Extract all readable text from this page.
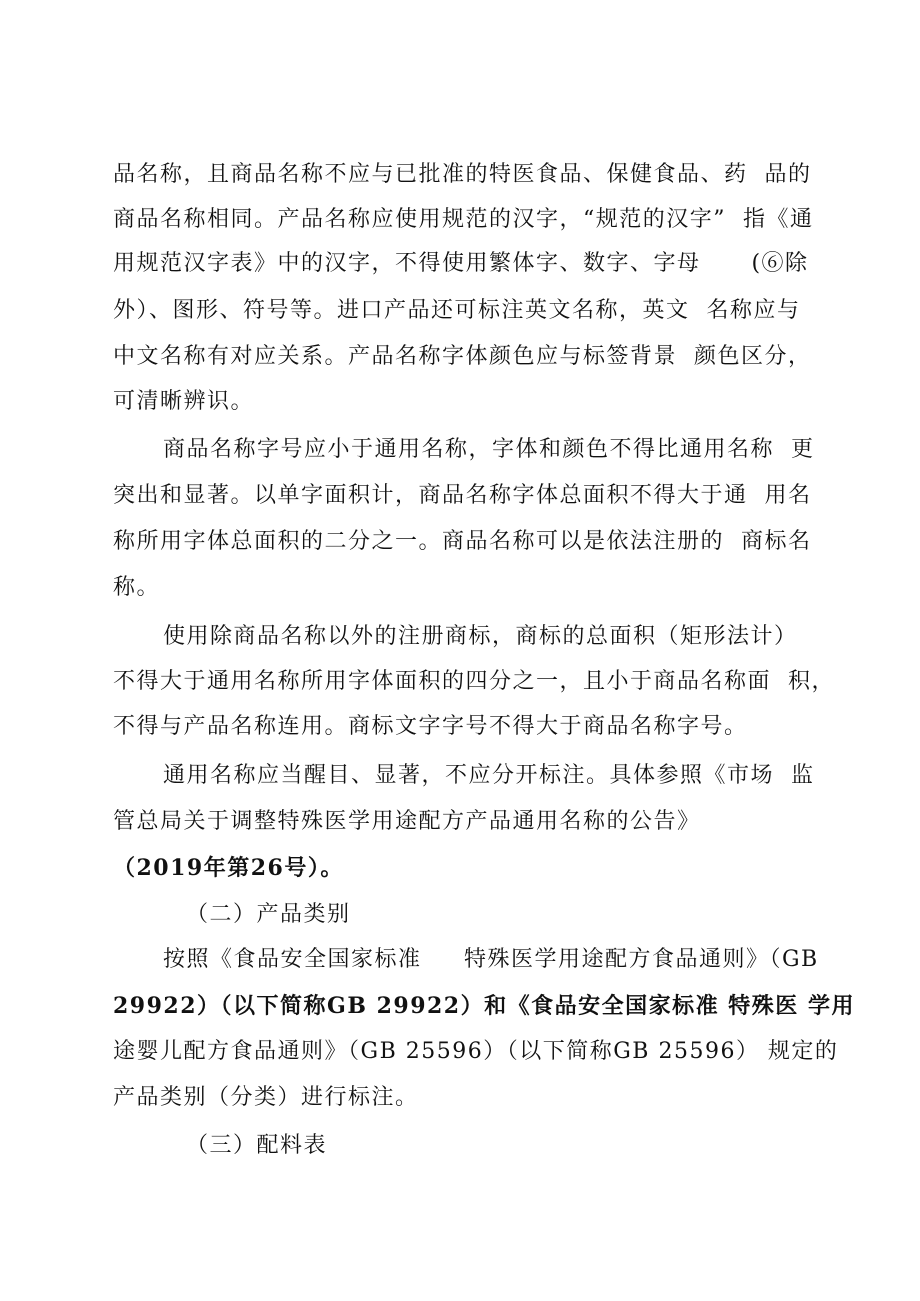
品名称，且商品名称不应与已批准的特医食品、保健食品、药  品的
商品名称相同。产品名称应使用规范的汉字，“规范的汉字”  指《通
用规范汉字表》中的汉字，不得使用繁体字、数字、字母      (⑥除
外）、图形、符号等。进口产品还可标注英文名称，英文  名称应与
中文名称有对应关系。产品名称字体颜色应与标签背景  颜色区分，
可清晰辨识。
商品名称字号应小于通用名称，字体和颜色不得比通用名称  更
突出和显著。以单字面积计，商品名称字体总面积不得大于通  用名
称所用字体总面积的二分之一。商品名称可以是依法注册的  商标名
称。
使用除商品名称以外的注册商标，商标的总面积（矩形法计）
不得大于通用名称所用字体面积的四分之一，且小于商品名称面  积，
不得与产品名称连用。商标文字字号不得大于商品名称字号。
通用名称应当醒目、显著，不应分开标注。具体参照《市场  监
管总局关于调整特殊医学用途配方产品通用名称的公告》
（2019年第26号）。
（二）产品类别
按照《食品安全国家标准     特殊医学用途配方食品通则》（GB
29922）（以下简称GB 29922）和《食品安全国家标准 特殊医 学用
途婴儿配方食品通则》（GB 25596）（以下简称GB 25596） 规定的
产品类别（分类）进行标注。
（三）配料表
